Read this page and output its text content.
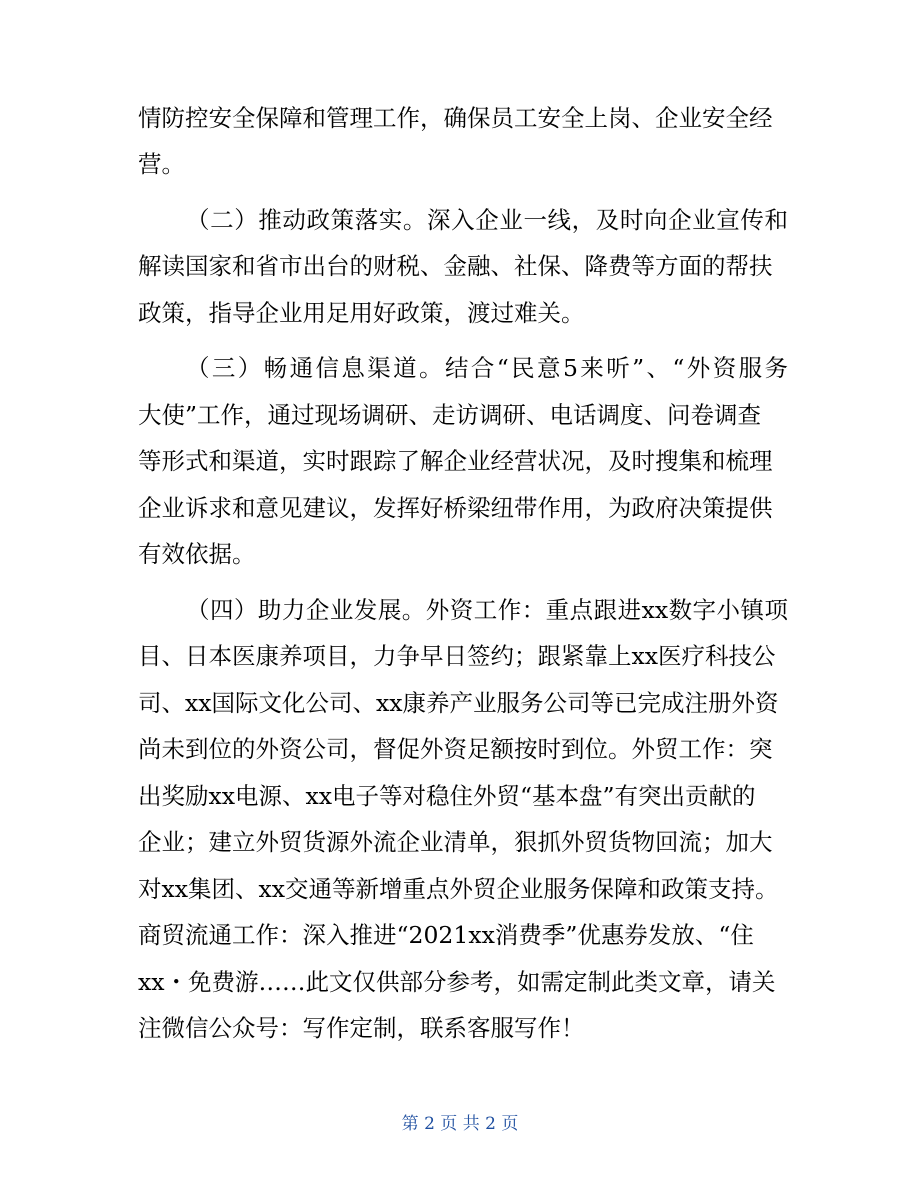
情防控安全保障和管理工作，确保员工安全上岗、企业安全经
营。
（二）推动政策落实。深入企业一线，及时向企业宣传和
解读国家和省市出台的财税、金融、社保、降费等方面的帮扶
政策，指导企业用足用好政策，渡过难关。
（三）畅通信息渠道。结合“民意5来听”、“外资服务
大使”工作，通过现场调研、走访调研、电话调度、问卷调查
等形式和渠道，实时跟踪了解企业经营状况，及时搜集和梳理
企业诉求和意见建议，发挥好桥梁纽带作用，为政府决策提供
有效依据。
（四）助力企业发展。外资工作：重点跟进xx数字小镇项
目、日本医康养项目，力争早日签约；跟紧靠上xx医疗科技公
司、xx国际文化公司、xx康养产业服务公司等已完成注册外资
尚未到位的外资公司，督促外资足额按时到位。外贸工作：突
出奖励xx电源、xx电子等对稳住外贸“基本盘”有突出贡献的
企业；建立外贸货源外流企业清单，狠抓外贸货物回流；加大
对xx集团、xx交通等新增重点外贸企业服务保障和政策支持。
商贸流通工作：深入推进“2021xx消费季”优惠券发放、“住
xx・免费游……此文仅供部分参考，如需定制此类文章，请关
注微信公众号：写作定制，联系客服写作！
第 2 页 共 2 页
